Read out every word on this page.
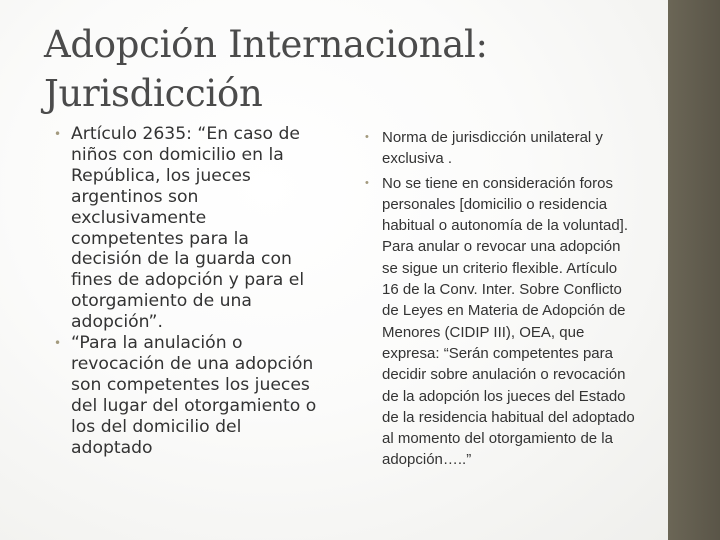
Adopción Internacional: Jurisdicción
• Artículo 2635: “En caso de niños con domicilio en la República, los jueces argentinos son exclusivamente competentes para la decisión de la guarda con fines de adopción y para el otorgamiento de una adopción”.
• “Para la anulación o revocación de una adopción son competentes los jueces del lugar del otorgamiento o los del domicilio del adoptado
• Norma de jurisdicción unilateral y exclusiva .
• No se tiene en consideración foros personales [domicilio o residencia habitual o autonomía de la voluntad]. Para anular o revocar una adopción se sigue un criterio flexible. Artículo 16 de la Conv. Inter. Sobre Conflicto de Leyes en Materia de Adopción de Menores (CIDIP III), OEA, que expresa: “Serán competentes para decidir sobre anulación o revocación de la adopción los jueces del Estado de la residencia habitual del adoptado al momento del otorgamiento de la adopción…..”
